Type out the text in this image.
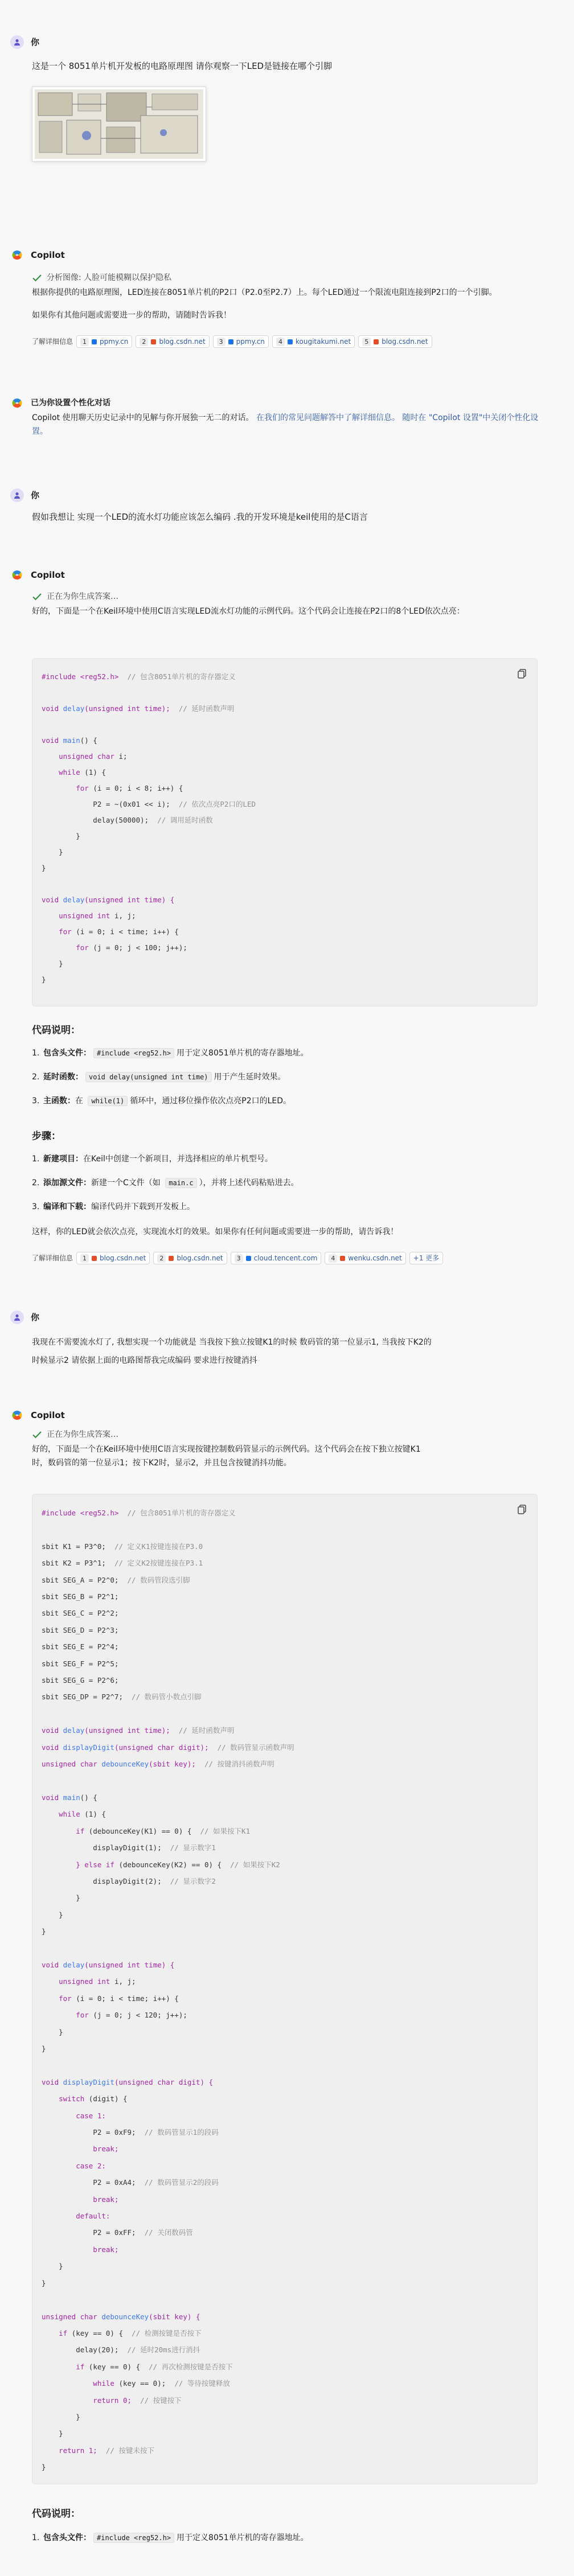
你
这是一个 8051单片机开发板的电路原理图 请你观察一下LED是链接在哪个引脚
Copilot
分析图像: 人脸可能模糊以保护隐私
根据你提供的电路原理图，LED连接在8051单片机的P2口（P2.0至P2.7）上。每个LED通过一个限流电阻连接到P2口的一个引脚。
如果你有其他问题或需要进一步的帮助，请随时告诉我！
了解详细信息	1	ppmy.cn	2	blog.csdn.net	3	ppmy.cn	4	kougitakumi.net	5	blog.csdn.net
已为你设置个性化对话
Copilot 使用聊天历史记录中的见解与你开展独一无二的对话。 在我们的常见问题解答中了解详细信息。 随时在 "Copilot 设置"中关闭个性化设置。
你
假如我想让 实现一个LED的流水灯功能应该怎么编码 .我的开发环境是keil使用的是C语言
Copilot
正在为你生成答案…
好的，下面是一个在Keil环境中使用C语言实现LED流水灯功能的示例代码。这个代码会让连接在P2口的8个LED依次点亮：
#include <reg52.h>  // 包含8051单片机的寄存器定义

void delay(unsigned int time);  // 延时函数声明

void main() {
unsigned char i;
while (1) {
for (i = 0; i < 8; i++) {
P2 = ~(0x01 << i);  // 依次点亮P2口的LED
delay(50000);  // 调用延时函数
}
}
}

void delay(unsigned int time) {
unsigned int i, j;
for (i = 0; i < time; i++) {
for (j = 0; j < 100; j++);
}
}
代码说明：
1. 包含头文件： #include <reg52.h> 用于定义8051单片机的寄存器地址。
2. 延时函数： void delay(unsigned int time) 用于产生延时效果。
3. 主函数：在 while(1) 循环中，通过移位操作依次点亮P2口的LED。
步骤：
1. 新建项目：在Keil中创建一个新项目，并选择相应的单片机型号。
2. 添加源文件：新建一个C文件（如 main.c ），并将上述代码粘贴进去。
3. 编译和下载：编译代码并下载到开发板上。
这样，你的LED就会依次点亮，实现流水灯的效果。如果你有任何问题或需要进一步的帮助，请告诉我！
了解详细信息	1	blog.csdn.net	2	blog.csdn.net	3	cloud.tencent.com	4	wenku.csdn.net	+1 更多
你
我现在不需要流水灯了, 我想实现一个功能就是 当我按下独立按键K1的时候 数码管的第一位显示1, 当我按下K2的
时候显示2 请依据上面的电路图帮我完成编码 要求进行按键消抖
Copilot
正在为你生成答案…
好的，下面是一个在Keil环境中使用C语言实现按键控制数码管显示的示例代码。这个代码会在按下独立按键K1
时，数码管的第一位显示1；按下K2时，显示2，并且包含按键消抖功能。
#include <reg52.h>  // 包含8051单片机的寄存器定义

sbit K1 = P3^0;  // 定义K1按键连接在P3.0
sbit K2 = P3^1;  // 定义K2按键连接在P3.1
sbit SEG_A = P2^0;  // 数码管段选引脚
sbit SEG_B = P2^1;
sbit SEG_C = P2^2;
sbit SEG_D = P2^3;
sbit SEG_E = P2^4;
sbit SEG_F = P2^5;
sbit SEG_G = P2^6;
sbit SEG_DP = P2^7;  // 数码管小数点引脚

void delay(unsigned int time);  // 延时函数声明
void displayDigit(unsigned char digit);  // 数码管显示函数声明
unsigned char debounceKey(sbit key);  // 按键消抖函数声明

void main() {
while (1) {
if (debounceKey(K1) == 0) {  // 如果按下K1
displayDigit(1);  // 显示数字1
} else if (debounceKey(K2) == 0) {  // 如果按下K2
displayDigit(2);  // 显示数字2
}
}
}

void delay(unsigned int time) {
unsigned int i, j;
for (i = 0; i < time; i++) {
for (j = 0; j < 120; j++);
}
}

void displayDigit(unsigned char digit) {
switch (digit) {
case 1:
P2 = 0xF9;  // 数码管显示1的段码
break;
case 2:
P2 = 0xA4;  // 数码管显示2的段码
break;
default:
P2 = 0xFF;  // 关闭数码管
break;
}
}

unsigned char debounceKey(sbit key) {
if (key == 0) {  // 检测按键是否按下
delay(20);  // 延时20ms进行消抖
if (key == 0) {  // 再次检测按键是否按下
while (key == 0);  // 等待按键释放
return 0;  // 按键按下
}
}
return 1;  // 按键未按下
}
代码说明：
1. 包含头文件： #include <reg52.h> 用于定义8051单片机的寄存器地址。
